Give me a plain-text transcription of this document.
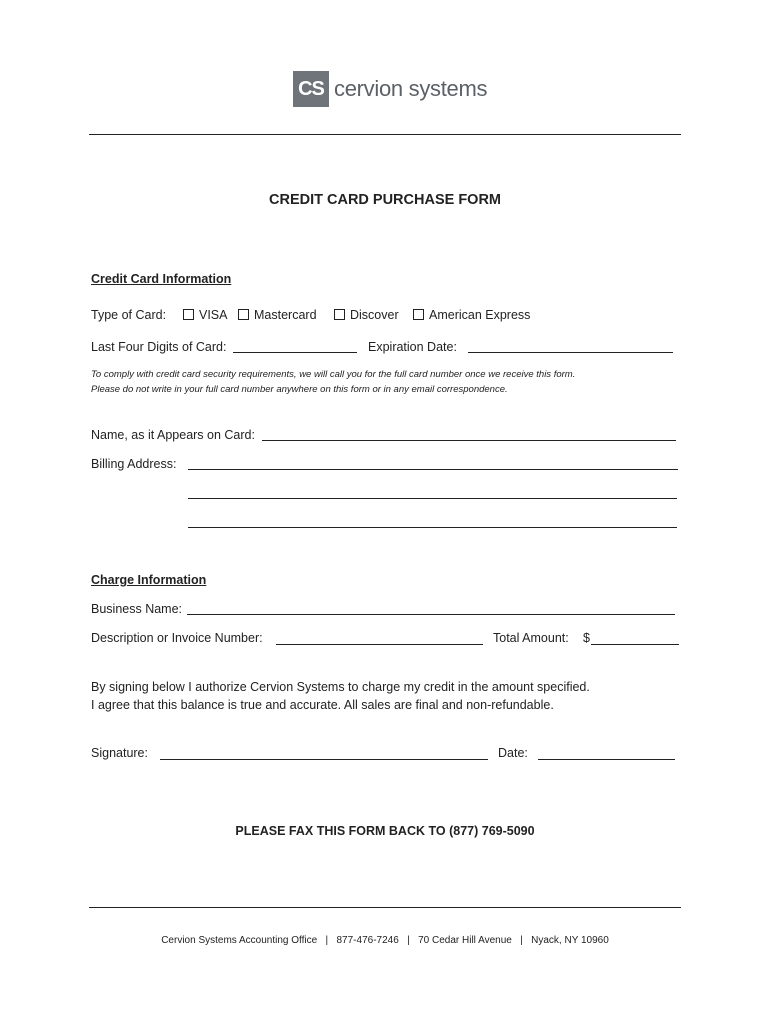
CS cervion systems
CREDIT CARD PURCHASE FORM
Credit Card Information
Type of Card:	VISA	Mastercard	Discover	American Express
Last Four Digits of Card:	Expiration Date:
To comply with credit card security requirements, we will call you for the full card number once we receive this form.
Please do not write in your full card number anywhere on this form or in any email correspondence.
Name, as it Appears on Card:
Billing Address:
Charge Information
Business Name:
Description or Invoice Number:	Total Amount: $
By signing below I authorize Cervion Systems to charge my credit in the amount specified.
I agree that this balance is true and accurate. All sales are final and non-refundable.
Signature:	Date:
PLEASE FAX THIS FORM BACK TO (877) 769-5090
Cervion Systems Accounting Office | 877-476-7246 | 70 Cedar Hill Avenue | Nyack, NY 10960
